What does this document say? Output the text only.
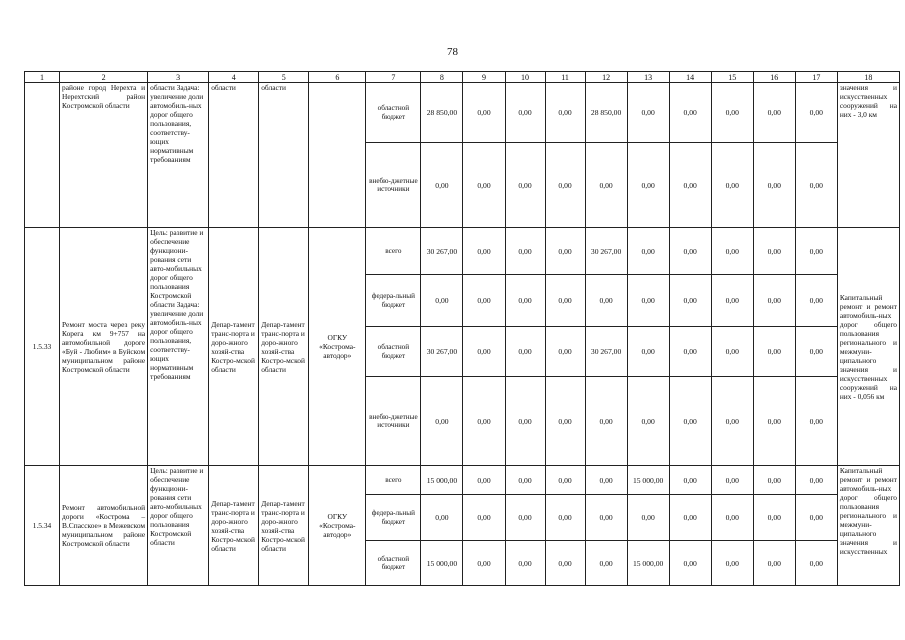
78
1	2	3	4	5	6	7	8	9	10	11	12	13	14	15	16	17	18
	районе город Нерехта и Нерехтский район Костромской области	области Задача: увеличение доли автомобиль-ных дорог общего пользования, соответству-ющих нормативным требованиям	области	области		областной бюджет	28 850,00	0,00	0,00	0,00	28 850,00	0,00	0,00	0,00	0,00	0,00	значения и искусственных сооружений на них - 3,0 км
						внебю-джетные источники	0,00	0,00	0,00	0,00	0,00	0,00	0,00	0,00	0,00	0,00	
1.5.33	Ремонт моста через реку Корега км 9+757 на автомобильной дороге «Буй - Любим» в Буйском муниципальном районе Костромской области	Цель: развитие и обеспечение функциони-рования сети авто-мобильных дорог общего пользования Костромской области Задача: увеличение доли автомобиль-ных дорог общего пользования, соответству-ющих нормативным требованиям	Депар-тамент транс-порта и доро-жного хозяй-ства Костро-мской области	Депар-тамент транс-порта и доро-жного хозяй-ства Костро-мской области	ОГКУ «Кострома-автодор»	всего	30 267,00	0,00	0,00	0,00	30 267,00	0,00	0,00	0,00	0,00	0,00	Капитальный ремонт и ремонт автомобиль-ных дорог общего пользования регионального и межмуни-ципального значения и искусственных сооружений на них - 0,056 км
						федера-льный бюджет	0,00	0,00	0,00	0,00	0,00	0,00	0,00	0,00	0,00	0,00	
						областной бюджет	30 267,00	0,00	0,00	0,00	30 267,00	0,00	0,00	0,00	0,00	0,00	
						внебю-джетные источники	0,00	0,00	0,00	0,00	0,00	0,00	0,00	0,00	0,00	0,00	
1.5.34	Ремонт автомобильной дороги «Кострома – В.Спасское» в Межевском муниципальном районе Костромской области	Цель: развитие и обеспечение функциони-рования сети авто-мобильных дорог общего пользования Костромской области	Депар-тамент транс-порта и доро-жного хозяй-ства Костро-мской области	Депар-тамент транс-порта и доро-жного хозяй-ства Костро-мской области	ОГКУ «Кострома-автодор»	всего	15 000,00	0,00	0,00	0,00	0,00	15 000,00	0,00	0,00	0,00	0,00	Капитальный ремонт и ремонт автомобиль-ных дорог общего пользования регионального и межмуни-ципального значения и искусственных
						федера-льный бюджет	0,00	0,00	0,00	0,00	0,00	0,00	0,00	0,00	0,00	0,00	
						областной бюджет	15 000,00	0,00	0,00	0,00	0,00	15 000,00	0,00	0,00	0,00	0,00	
